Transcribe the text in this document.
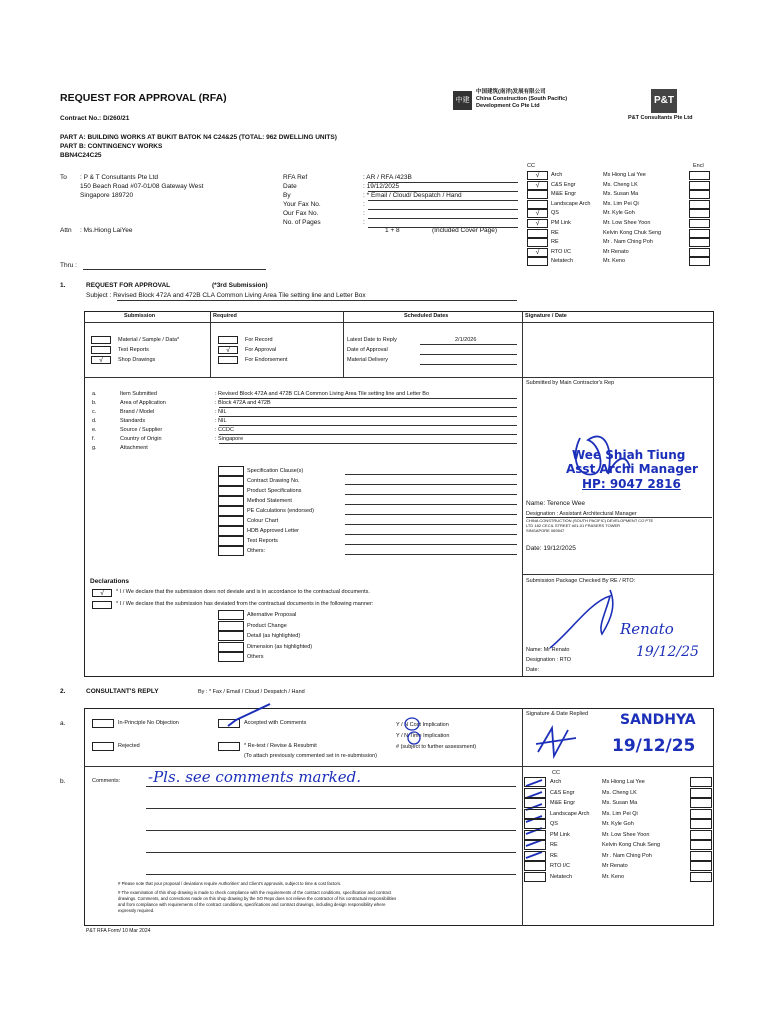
REQUEST FOR APPROVAL (RFA)
Contract No.: D/260/21
中建
中国建筑(南洋)发展有限公司
China Construction (South Pacific)
Development Co Pte Ltd	P&T
P&T Consultants Pte Ltd
PART A: BUILDING WORKS AT BUKIT BATOK N4 C24&25 (TOTAL: 962 DWELLING UNITS)
PART B: CONTINGENCY WORKS
BBN4C24C25
To : P & T Consultants Pte Ltd
150 Beach Road #07-01/08 Gateway West
Singapore 189720
Attn : Ms.Hiong LaiYee
Thru :
1 + 8	(Included Cover Page)
CC	Encl
1.	REQUEST FOR APPROVAL	(*3rd Submission)
Subject : Revised Block 472A and 472B CLA Common Living Area Tile setting line and Letter Box
Submission	Required	Scheduled Dates	Signature / Date
Submitted by Main Contractor's Rep
Wee Shiah Tiung
Asst Archi Manager
HP: 9047 2816
Name: Terence Wee
Designation : Assistant Architectural Manager
CHINA CONSTRUCTION (SOUTH PACIFIC) DEVELOPMENT CO PTE
LTD 182 CECIL STREET #01-01 FRASERS TOWER
SINGAPORE 069547
Date: 19/12/2025
Declarations
√	* I / We declare that the submission does not deviate and is in accordance to the contractual documents.
* I / We declare that the submission has deviated from the contractual documents in the following manner:
Submission Package Checked By RE / RTO:
Renato
19/12/25
Name: Mr Renato
Designation : RTO
Date:
2.	CONSULTANT'S REPLY	By : * Fax / Email / Cloud / Despatch / Hand
a.	In-Principle No Objection	Accepted with Comments
Rejected	* Re-test / Revise & Resubmit
(To attach previously commented set in re-submission)
Y / N Cost Implication
Y / N Time Implication
# (subject to further assessment)
Signature & Date Replied SANDHYA
19/12/25
b.	Comments: -Pls. see comments marked.	CC
# Please note that your proposal / deviations require Authorities' and Client's approvals, subject to time & cost factors.
# The examination of this shop drawing is made to check compliance with the requirements of the contract conditions, specification and contract
drawings. Comments, and corrections made on this shop drawing by the SO Reps does not relieve the contractor of his contractual responsibilities
and from compliance with requirements of the contract conditions, specifications and contract drawings, including design responsibility where
expressly required.
P&T RFA Form/ 10 Mar 2024
RFA Ref	: AR / RFA /423B
Date	: 19/12/2025
By	: * Email / Cloud/ Despatch / Hand
Your Fax No.	:
Our Fax No.	:
No. of Pages	:
√	Arch	Ms Hiong Lai Yee
√	C&S Engr	Ms. Cheng LK
M&E Engr	Ms. Susan Ma
Landscape Arch Ms. Lim Pei Qi
√	QS	Mr. Kyle Goh
√	PM Link	Mr. Low Shee Yoon
RE	Kelvin Kong Chuk Seng
RE	Mr . Nam Ching Poh
√	RTO I/C	Mr Renato
Netatech	Mr. Keno
Material / Sample / Data*
Test Reports
√	Shop Drawings
For Record
√	For Approval
For Endorsement
Latest Date to Reply	2/1/2026
Date of Approval
Material Delivery
a.	Item Submitted	: Revised Block 472A and 472B CLA Common Living Area Tile setting line and Letter Bo
b.	Area of Application	: Block 472A and 472B
c.	Brand / Model	: NIL
d.	Standards	: NIL
e.	Source / Supplier	: CCDC
f.	Country of Origin	: Singapore
g.	Attachment
Specification Clause(s)
Contract Drawing No.
Product Specifications
Method Statement
PE Calculations (endorsed)
Colour Chart
HDB Approved Letter
Test Reports
Others:
Alternative Proposal
Product Change
Detail (as highlighted)
Dimension (as highlighted)
Others
Arch	Ms Hiong Lai Yee
C&S Engr	Ms. Cheng LK
M&E Engr	Ms. Susan Ma
Landscape Arch Ms. Lim Pei Qi
QS	Mr. Kyle Goh
PM Link	Mr. Low Shee Yoon
RE	Kelvin Kong Chuk Seng
RE	Mr . Nam Ching Poh
RTO I/C	Mr Renato
Netatech	Mr. Keno
